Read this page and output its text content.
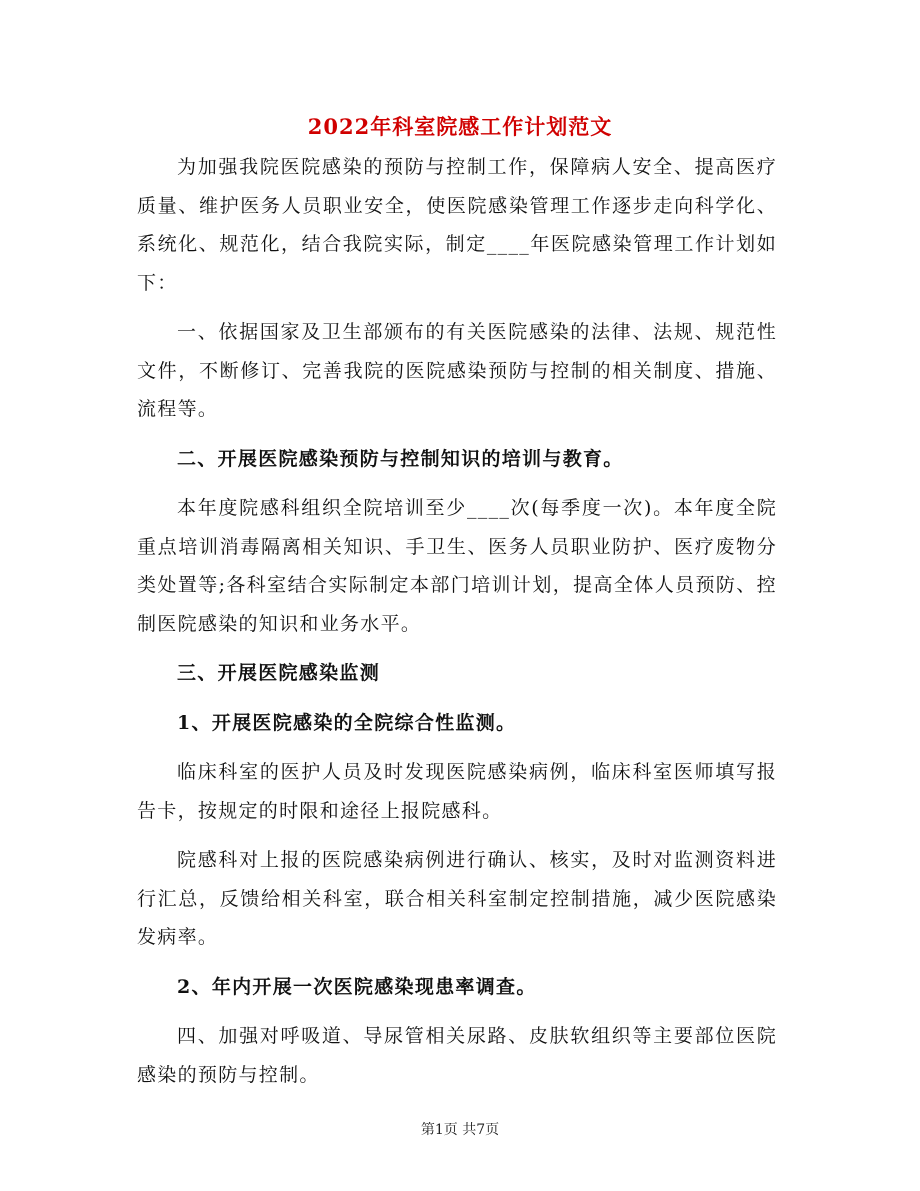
2022年科室院感工作计划范文

为加强我院医院感染的预防与控制工作，保障病人安全、提高医疗质量、维护医务人员职业安全，使医院感染管理工作逐步走向科学化、系统化、规范化，结合我院实际，制定____年医院感染管理工作计划如下：

一、依据国家及卫生部颁布的有关医院感染的法律、法规、规范性文件，不断修订、完善我院的医院感染预防与控制的相关制度、措施、流程等。

二、开展医院感染预防与控制知识的培训与教育。

本年度院感科组织全院培训至少____次(每季度一次)。本年度全院重点培训消毒隔离相关知识、手卫生、医务人员职业防护、医疗废物分类处置等;各科室结合实际制定本部门培训计划，提高全体人员预防、控制医院感染的知识和业务水平。

三、开展医院感染监测

1、开展医院感染的全院综合性监测。

临床科室的医护人员及时发现医院感染病例，临床科室医师填写报告卡，按规定的时限和途径上报院感科。

院感科对上报的医院感染病例进行确认、核实，及时对监测资料进行汇总，反馈给相关科室，联合相关科室制定控制措施，减少医院感染发病率。

2、年内开展一次医院感染现患率调查。

四、加强对呼吸道、导尿管相关尿路、皮肤软组织等主要部位医院感染的预防与控制。

第1页 共7页
